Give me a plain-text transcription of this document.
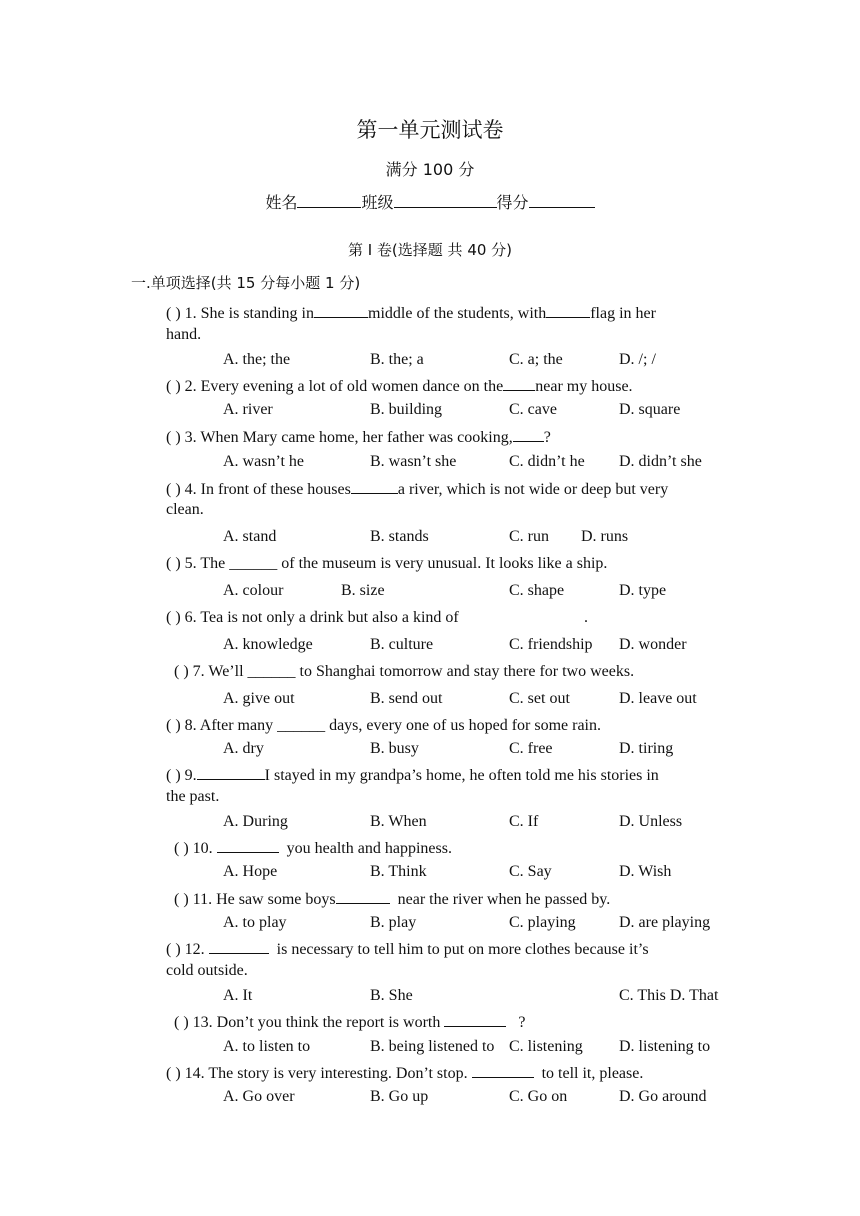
第一单元测试卷
满分 100 分
姓名	班级	得分
第 I 卷(选择题 共 40 分)
一.单项选择(共 15 分每小题 1 分)
( ) 1. She is standing in	middle of the students, with	flag in her
hand.
A. the; the	B. the; a	C. a; the	D. /; /
( ) 2. Every evening a lot of old women dance on the near my house.
A. river	B. building	C. cave	D. square
( ) 3. When Mary came home, her father was cooking, ?
A. wasn’t he	B. wasn’t she	C. didn’t he D. didn’t she
( ) 4. In front of these houses	a river, which is not wide or deep but very
clean.
A. stand	B. stands	C. run D. runs
( ) 5. The ______ of the museum is very unusual. It looks like a ship.
A. colour	B. size	C. shape	D. type
( ) 6. Tea is not only a drink but also a kind of	.
A. knowledge	B. culture	C. friendship D. wonder
( ) 7. We’ll ______ to Shanghai tomorrow and stay there for two weeks.
A. give out	B. send out	C. set out	D. leave out
( ) 8. After many ______ days, every one of us hoped for some rain.
A. dry	B. busy	C. free	D. tiring
( ) 9.	I stayed in my grandpa’s home, he often told me his stories in
the past.
A. During	B. When	C. If	D. Unless
( ) 10.	you health and happiness.
A. Hope	B. Think	C. Say	D. Wish
( ) 11. He saw some boys	near the river when he passed by.
A. to play	B. play	C. playing	D. are playing
( ) 12.	is necessary to tell him to put on more clothes because it’s
cold outside.
A. It	B. She	C. This D. That
( ) 13. Don’t you think the report is worth	?
A. to listen to	B. being listened to C. listening D. listening to
( ) 14. The story is very interesting. Don’t stop.	to tell it, please.
A. Go over	B. Go up	C. Go on	D. Go around
